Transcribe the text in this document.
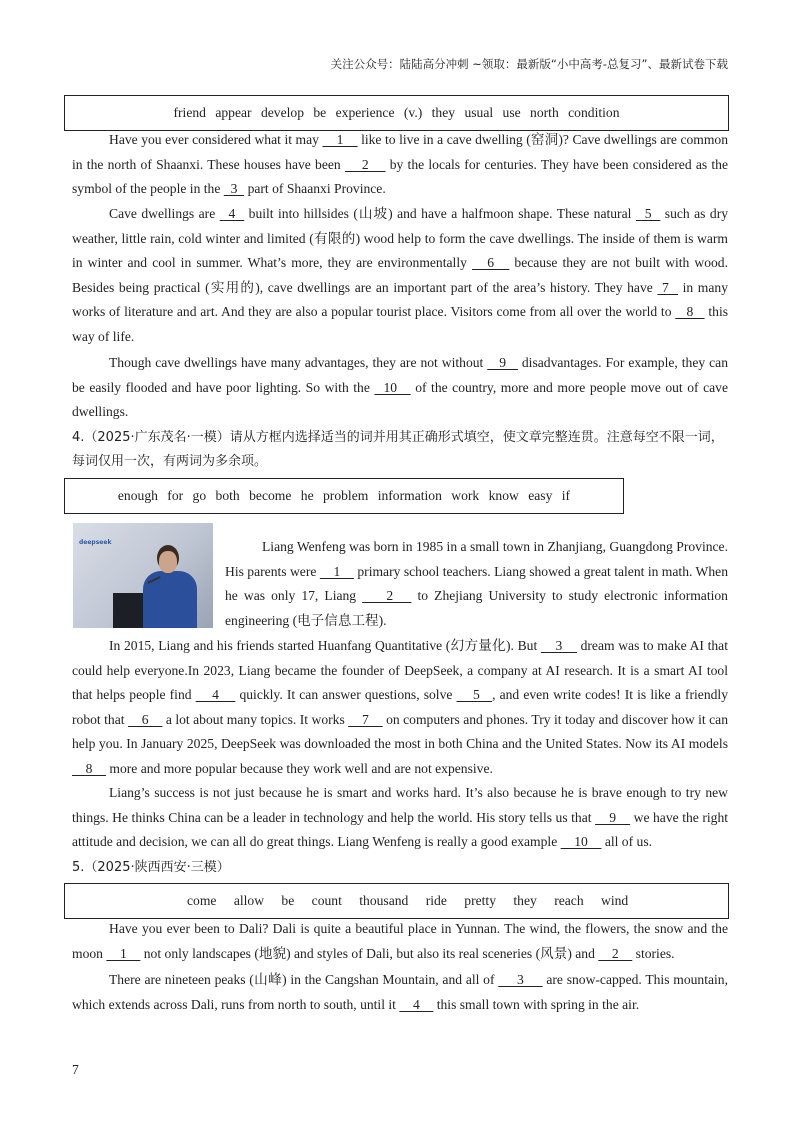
关注公众号：陆陆高分冲刺 ~领取：最新版“小中高考-总复习”、最新试卷下载
friend appear develop be experience (v.) they usual use north condition

Have you ever considered what it may     1     like to live in a cave dwelling (窑洞)? Cave dwellings are common in the north of Shaanxi. These houses have been     2     by the locals for centuries. They have been considered as the symbol of the people in the   3   part of Shaanxi Province.

Cave dwellings are   4   built into hillsides (山坡) and have a halfmoon shape. These natural   5   such as dry weather, little rain, cold winter and limited (有限的) wood help to form the cave dwellings. The inside of them is warm in winter and cool in summer. What’s more, they are environmentally    6    because they are not built with wood. Besides being practical (实用的), cave dwellings are an important part of the area’s history. They have  7   in many works of literature and art. And they are also a popular tourist place. Visitors come from all over the world to    8    this way of life.

Though cave dwellings have many advantages, they are not without    9    disadvantages. For example, they can be easily flooded and have poor lighting. So with the   10    of the country, more and more people move out of cave dwellings.

4.（2025·广东茂名·一模）请从方框内选择适当的词并用其正确形式填空，使文章完整连贯。注意每空不限一词，每词仅用一次，有两词为多余项。

enough for go both become he problem information work know easy if
deepseek	Liang Wenfeng was born in 1985 in a small town in Zhanjiang, Guangdong Province. His parents were     1     primary school teachers. Liang showed a great talent in math. When he was only 17, Liang     2    to Zhejiang University to study electronic information engineering (电子信息工程).

In 2015, Liang and his friends started Huanfang Quantitative (幻方量化). But     3     dream was to make AI that could help everyone.In 2023, Liang became the founder of DeepSeek, a company at AI research. It is a smart AI tool that helps people find     4     quickly. It can answer questions, solve     5   , and even write codes! It is like a friendly robot that     6     a lot about many topics. It works     7     on computers and phones. Try it today and discover how it can help you. In January 2025, DeepSeek was downloaded the most in both China and the United States. Now its AI models     8     more and more popular because they work well and are not expensive.

Liang’s success is not just because he is smart and works hard. It’s also because he is brave enough to try new things. He thinks China can be a leader in technology and help the world. His story tells us that     9     we have the right attitude and decision, we can all do great things. Liang Wenfeng is really a good example     10     all of us.

5.（2025·陕西西安·三模）

come allow be count thousand ride pretty they reach wind

Have you ever been to Dali? Dali is quite a beautiful place in Yunnan. The wind, the flowers, the snow and the moon     1     not only landscapes (地貌) and styles of Dali, but also its real sceneries (风景) and     2     stories.

There are nineteen peaks (山峰) in the Cangshan Mountain, and all of      3      are snow-capped. This mountain, which extends across Dali, runs from north to south, until it     4     this small town with spring in the air.

7
